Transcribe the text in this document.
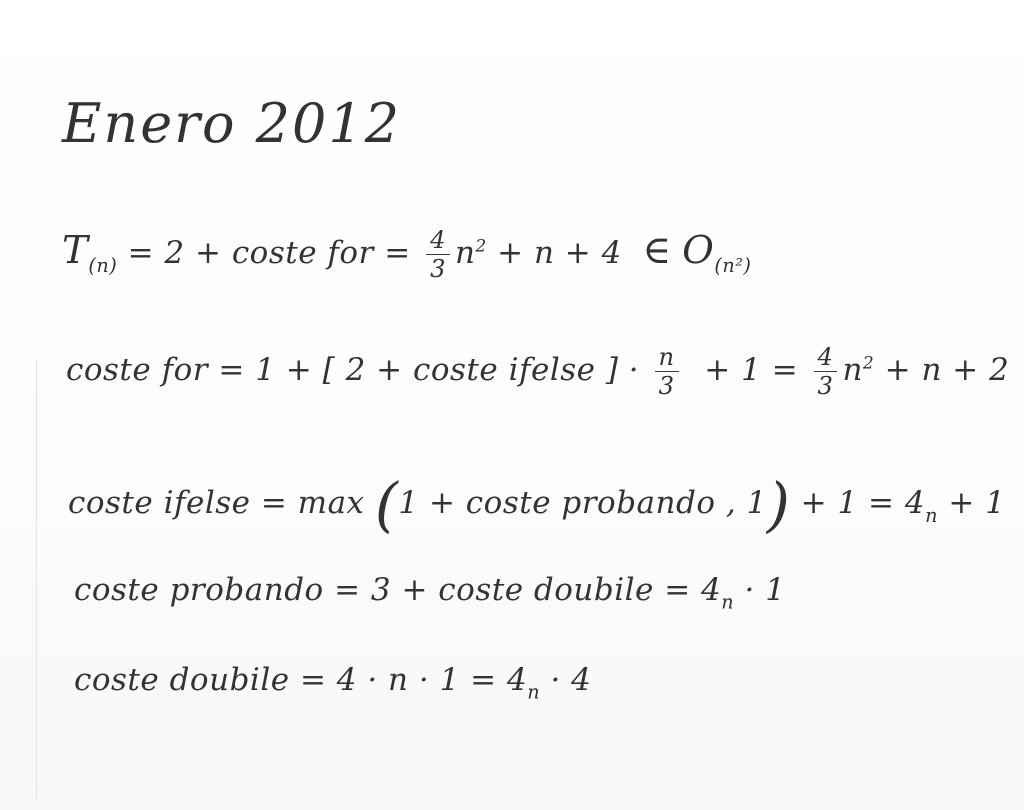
Enero 2012
$T_{(n)} = 2$ + coste for = $\frac{4}{3} n^2 + n + 4$ ∈ $O_{(n^2)}$
coste for = 1 + [ 2 + coste ifelse ] · $\frac{n}{3} + 1 = \frac{4}{3} n^2 + n + 2$
coste ifelse = max (1 + coste probando , $1) + 1 = 4_n + 1$
coste probando = 3 + coste doubile = $4_n \cdot 1$
coste doubile = $4 \cdot n \cdot 1 = 4_n \cdot 4$
